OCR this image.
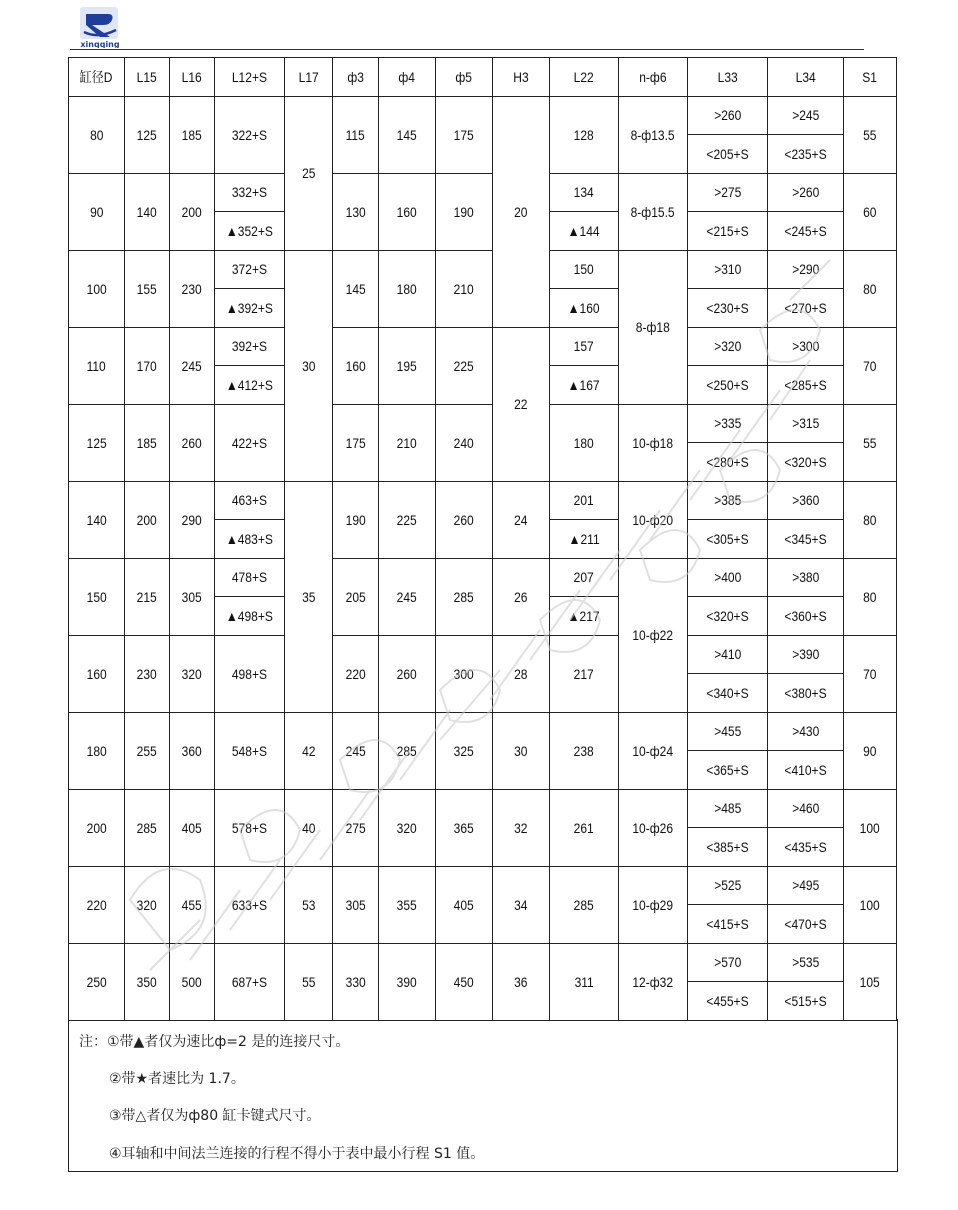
xinqqing
缸径D	L15	L16	L12+S	L17	ф3	ф4	ф5	H3	L22	n-ф6	L33	L34	S1
80	125	185	322+S	25	115	145	175	20	128	8-ф13.5	>260	>245	55
											<205+S	<235+S	
90	140	200	332+S		130	160	190		134	8-ф15.5	>275	>260	60
			▲352+S						▲144		<215+S	<245+S	
100	155	230	372+S	30	145	180	210		150	8-ф18	>310	>290	80
			▲392+S						▲160		<230+S	<270+S	
110	170	245	392+S		160	195	225	22	157		>320	>300	70
			▲412+S						▲167		<250+S	<285+S	
125	185	260	422+S		175	210	240		180	10-ф18	>335	>315	55
											<280+S	<320+S	
140	200	290	463+S	35	190	225	260	24	201	10-ф20	>385	>360	80
			▲483+S						▲211		<305+S	<345+S	
150	215	305	478+S		205	245	285	26	207	10-ф22	>400	>380	80
			▲498+S						▲217		<320+S	<360+S	
160	230	320	498+S		220	260	300	28	217		>410	>390	70
											<340+S	<380+S	
180	255	360	548+S	42	245	285	325	30	238	10-ф24	>455	>430	90
											<365+S	<410+S	
200	285	405	578+S	40	275	320	365	32	261	10-ф26	>485	>460	100
											<385+S	<435+S	
220	320	455	633+S	53	305	355	405	34	285	10-ф29	>525	>495	100
											<415+S	<470+S	
250	350	500	687+S	55	330	390	450	36	311	12-ф32	>570	>535	105
											<455+S	<515+S	
注：①带▲者仅为速比ф=2 是的连接尺寸。
②带★者速比为 1.7。
③带△者仅为ф80 缸卡键式尺寸。
④耳轴和中间法兰连接的行程不得小于表中最小行程 S1 值。
